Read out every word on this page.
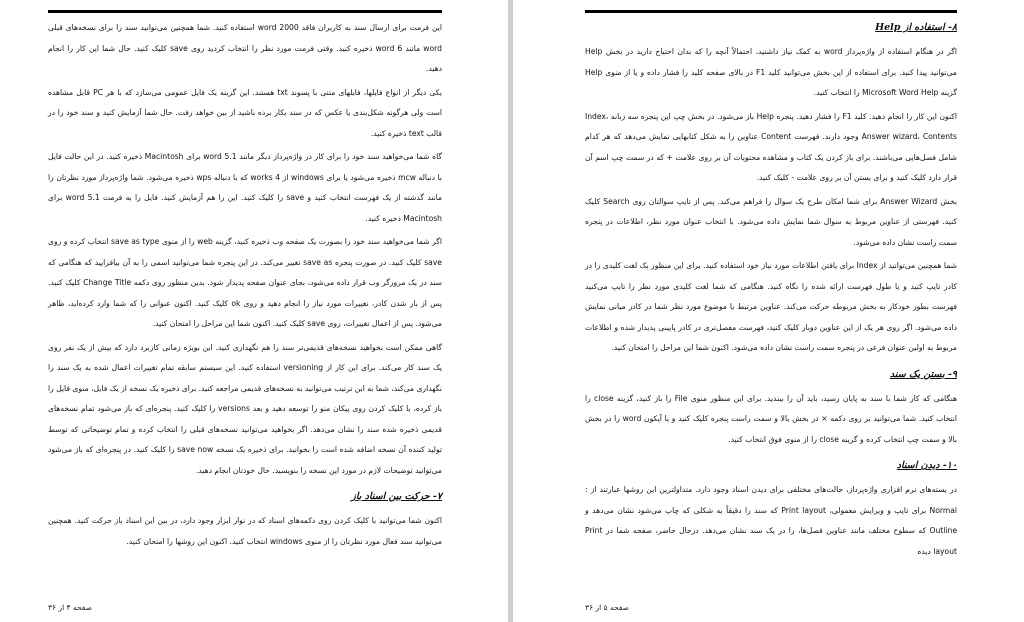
این فرمت برای ارسال سند به کاربران فاقد word 2000 استفاده کنید. شما همچنین می‌توانید سند را برای نسخه‌های قبلی word مانند word 6 ذخیره کنید. وقتی فرمت مورد نظر را انتخاب کردید روی save کلیک کنید. حال شما این کار را انجام دهید.

یکی دیگر از انواع فایلها، فایلهای متنی با پسوند txt هستند. این گزینه یک فایل عمومی می‌سازد که با هر PC قابل مشاهده است ولی هرگونه شکل‌بندی یا عکس که در سند بکار برده باشید از بین خواهد رفت. حال شما آزمایش کنید و سند خود را در قالب text ذخیره کنید.

گاه شما می‌خواهید سند خود را برای کار در واژه‌پرداز دیگر مانند word 5.1 برای Macintosh ذخیره کنید. در این حالت فایل با دنباله mcw ذخیره می‌شود یا برای windows از works 4 که با دنباله wps ذخیره می‌شود. شما واژه‌پرداز مورد نظرتان را مانند گذشته از یک فهرست انتخاب کنید و save را کلیک کنید. این را هم آزمایش کنید. فایل را به فرمت word 5.1 برای Macintosh ذخیره کنید.

اگر شما می‌خواهید سند خود را بصورت یک صفحه وب ذخیره کنید، گزینه web را از منوی save as type انتخاب کرده و روی save کلیک کنید. در صورت پنجره save as تغییر می‌کند. در این پنجره شما می‌توانید اسمی را به آن بیافزایید که هنگامی که سند در یک مرورگر وب قرار داده می‌شود، بجای عنوان صفحه پدیدار شود. بدین منظور روی دکمه Change Title کلیک کنید. پس از بار شدن کادر، تغییرات مورد نیاز را انجام دهید و روی ok کلیک کنید. اکنون عنوانی را که شما وارد کرده‌اید، ظاهر می‌شود. پس از اعمال تغییرات، روی save کلیک کنید. اکنون شما این مراحل را امتحان کنید.

گاهی ممکن است بخواهید نسخه‌های قدیمی‌تر سند را هم نگهداری کنید. این بویژه زمانی کاربرد دارد که بیش از یک نفر روی یک سند کار می‌کند. برای این کار از versioning استفاده کنید. این سیستم سابقه تمام تغییرات اعمال شده به یک سند را نگهداری می‌کند، شما به این ترتیب می‌توانید به نسخه‌های قدیمی مراجعه کنید. برای ذخیره یک نسخه از یک فایل، منوی فایل را باز کرده، با کلیک کردن روی پیکان منو را توسعه دهید و بعد versions را کلیک کنید. پنجره‌ای که باز می‌شود تمام نسخه‌های قدیمی ذخیره شده سند را نشان می‌دهد. اگر بخواهید می‌توانید نسخه‌های قبلی را انتخاب کرده و تمام توضیحاتی که توسط تولید کننده آن نسخه اضافه شده است را بخوانید. برای ذخیره یک نسخه save now را کلیک کنید. در پنجره‌ای که باز می‌شود می‌توانید توضیحات لازم در مورد این نسخه را بنویسید. حال خودتان انجام دهید.

۷- حرکت بین اسناد باز

اکنون شما می‌توانید با کلیک کردن روی دکمه‌های اسناد که در نوار ابزار وجود دارد، در بین این اسناد باز حرکت کنید. همچنین می‌توانید سند فعال مورد نظرتان را از منوی windows انتخاب کنید. اکنون این روشها را امتحان کنید.

صفحه ۴ از ۳۶
۸- استفاده از Help

اگر در هنگام استفاده از واژه‌پرداز word به کمک نیاز داشتید، احتمالاً آنچه را که بدان احتیاج دارید در بخش Help می‌توانید پیدا کنید. برای استفاده از این بخش می‌توانید کلید F1 در بالای صفحه کلید را فشار داده و یا از منوی Help گزینه Microsoft Word Help را انتخاب کنید.

اکنون این کار را انجام دهید. کلید F1 را فشار دهید. پنجره Help باز می‌شود. در بخش چپ این پنجره سه زبانه Index، Answer wizard، Contents وجود دارند. فهرست Content عناوین را به شکل کتابهایی نمایش می‌دهد که هر کدام شامل فصل‌هایی می‌باشند. برای باز کردن یک کتاب و مشاهده محتویات آن بر روی علامت + که در سمت چپ اسم آن قرار دارد کلیک کنید و برای بستن آن بر روی علامت - کلیک کنید.

بخش Answer Wizard برای شما امکان طرح یک سوال را فراهم می‌کند. پس از تایپ سوالتان روی Search کلیک کنید. فهرستی از عناوین مربوط به سوال شما نمایش داده می‌شود. با انتخاب عنوان مورد نظر، اطلاعات در پنجره سمت راست نشان داده می‌شود.

شما همچنین می‌توانید از Index برای یافتن اطلاعات مورد نیاز خود استفاده کنید. برای این منظور یک لغت کلیدی را در کادر تایپ کنید و یا طول فهرست ارائه شده را نگاه کنید. هنگامی که شما لغت کلیدی مورد نظر را تایپ می‌کنید فهرست بطور خودکار به بخش مربوطه حرکت می‌کند. عناوین مرتبط با موضوع مورد نظر شما در کادر میانی نمایش داده می‌شود. اگر روی هر یک از این عناوین دوبار کلیک کنید، فهرست مفصل‌تری در کادر پایینی پدیدار شده و اطلاعات مربوط به اولین عنوان فرعی در پنجره سمت راست نشان داده می‌شود. اکنون شما این مراحل را امتحان کنید.

۹- بستن یک سند

هنگامی که کار شما با سند به پایان رسید، باید آن را ببندید. برای این منظور منوی File را باز کنید، گزینه close را انتخاب کنید. شما می‌توانید بر روی دکمه × در بخش بالا و سمت راست پنجره کلیک کنید و یا آیکون word را در بخش بالا و سمت چپ انتخاب کرده و گزینه close را از منوی فوق انتخاب کنید.

۱۰- دیدن اسناد

در بسته‌های نرم افزاری واژه‌پرداز، حالت‌های مختلفی برای دیدن اسناد وجود دارد. متداولترین این روشها عبارتند از : Normal برای تایپ و ویرایش معمولی، Print layout که سند را دقیقاً به شکلی که چاپ می‌شود نشان می‌دهد و Outline که سطوح مختلف مانند عناوین فصل‌ها، را در یک سند نشان می‌دهد. درحال حاضر، صفحه شما در Print layout دیده

صفحه ۵ از ۳۶
